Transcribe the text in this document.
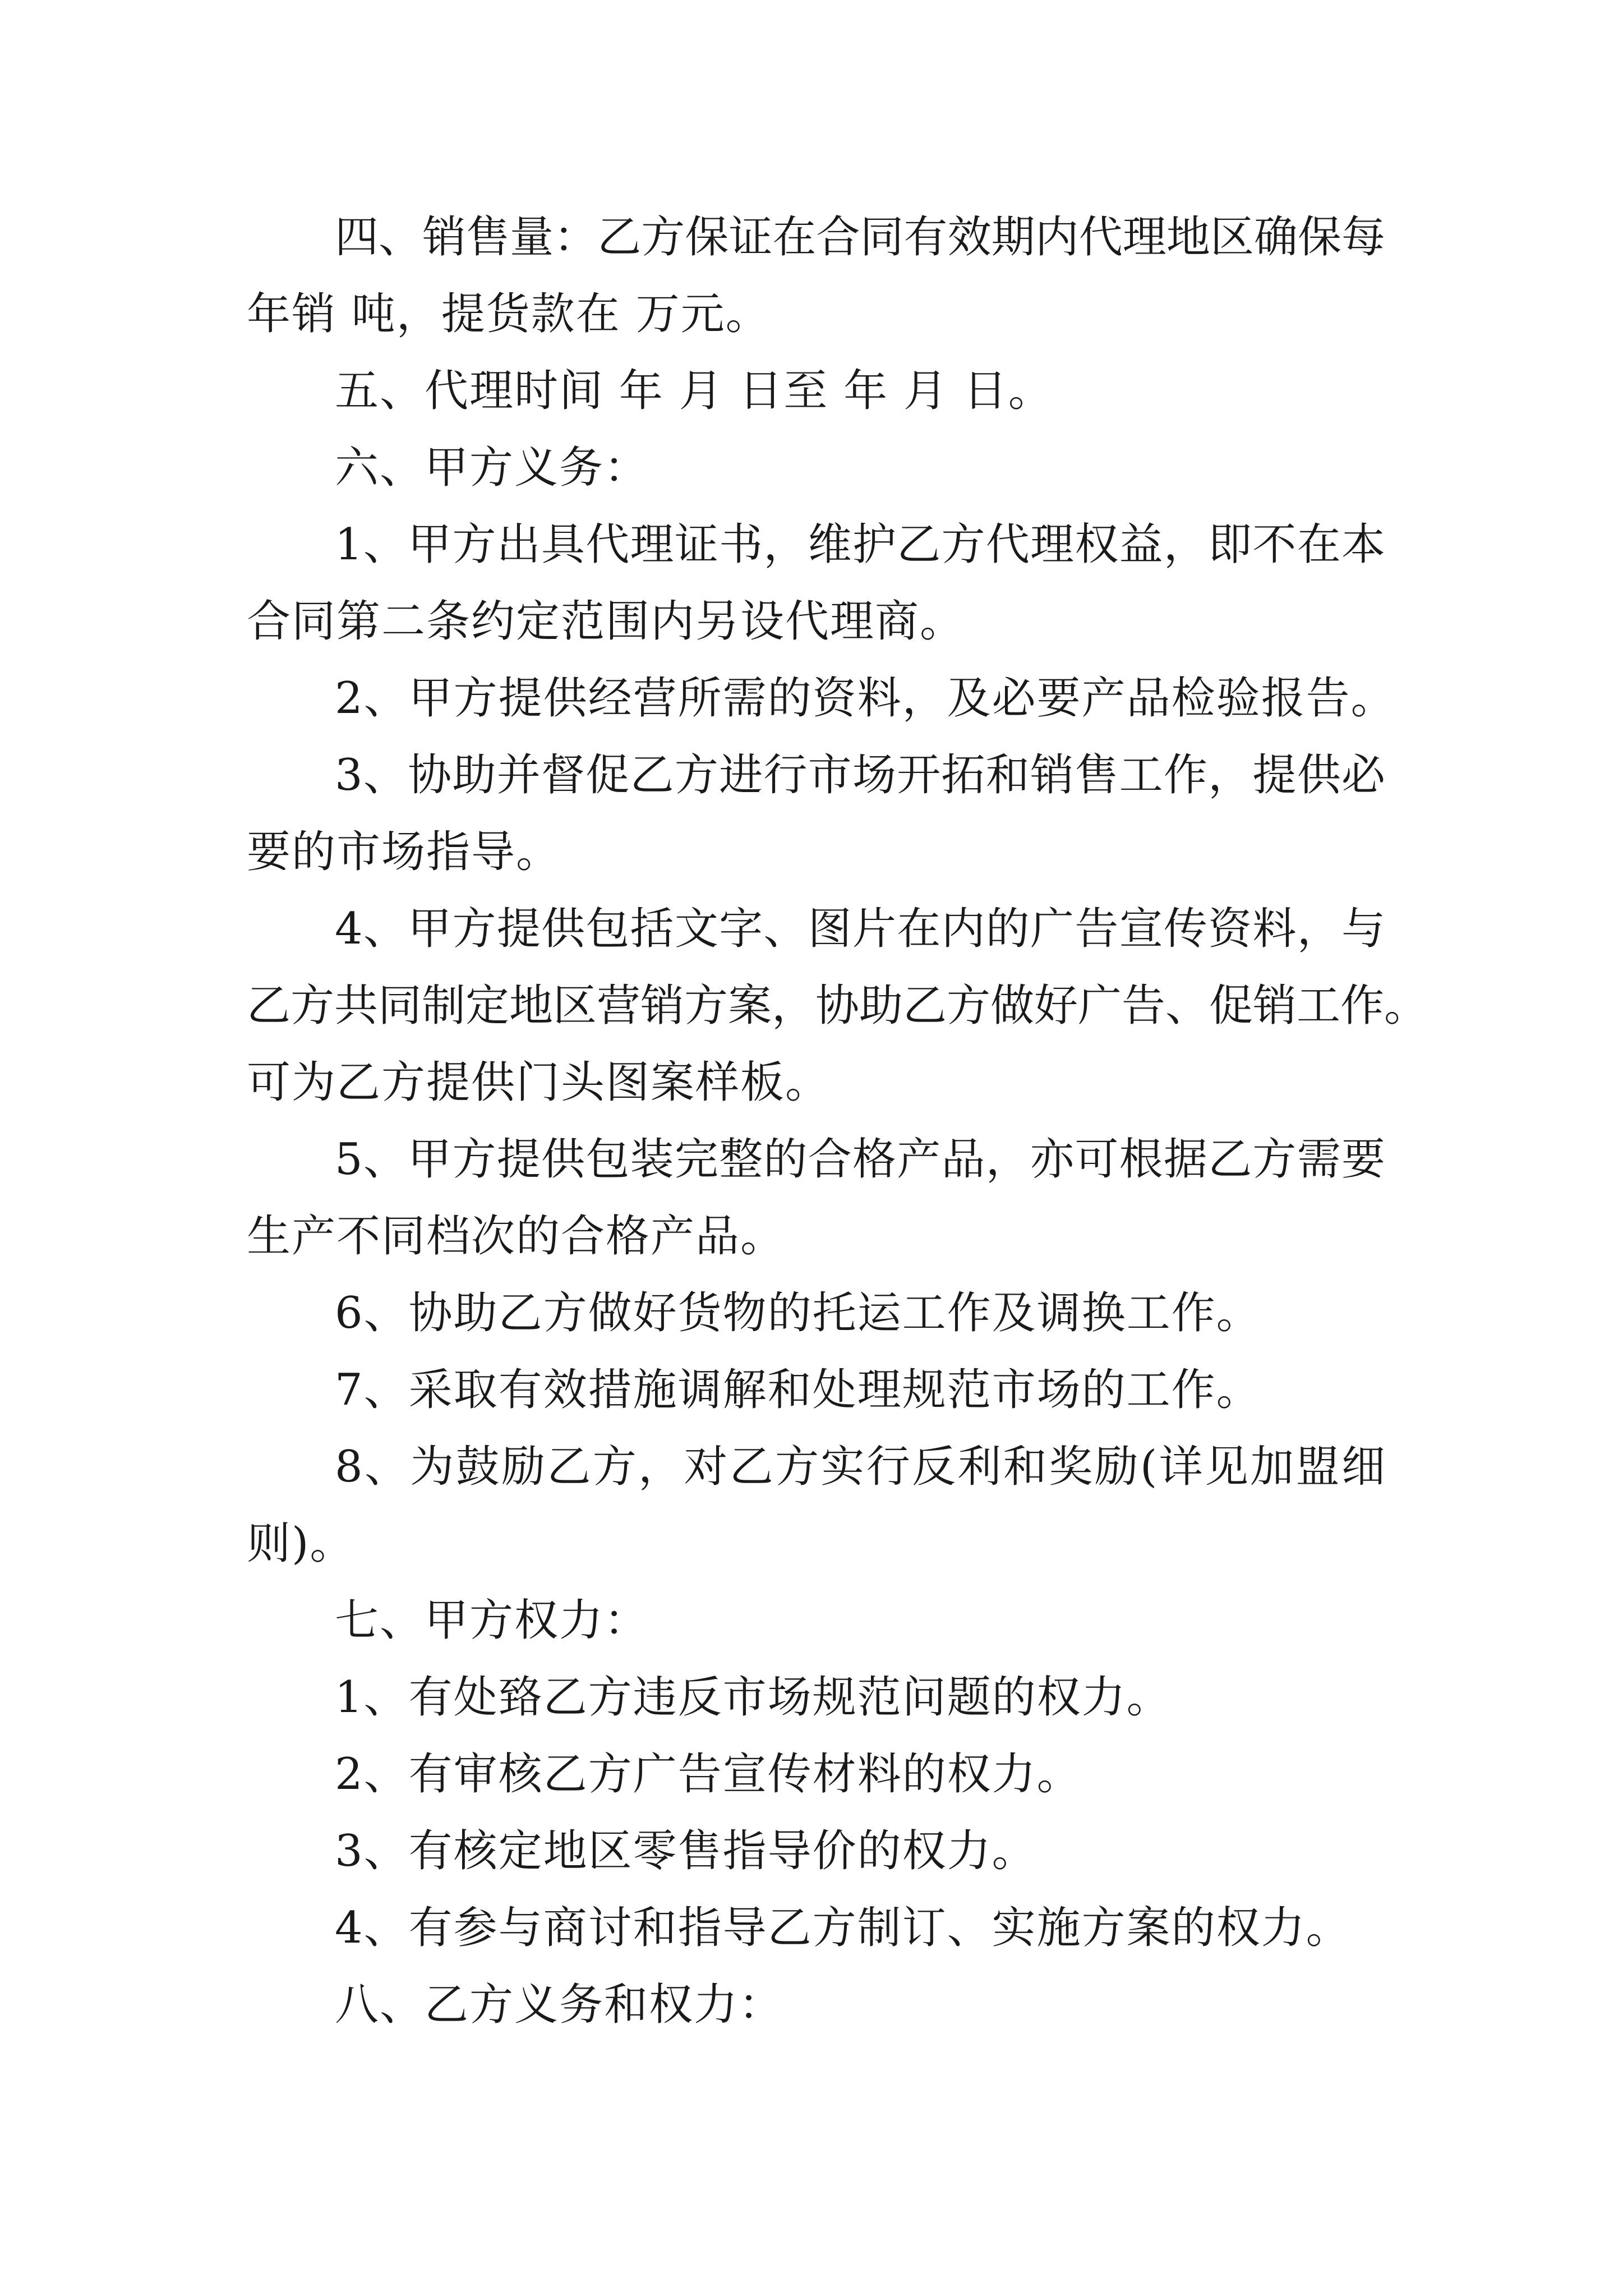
四、销售量：乙方保证在合同有效期内代理地区确保每
年销 吨，提货款在 万元。
五、代理时间 年 月 日至 年 月 日。
六、甲方义务：
1、甲方出具代理证书，维护乙方代理权益，即不在本
合同第二条约定范围内另设代理商。
2、甲方提供经营所需的资料，及必要产品检验报告。
3、协助并督促乙方进行市场开拓和销售工作，提供必
要的市场指导。
4、甲方提供包括文字、图片在内的广告宣传资料，与
乙方共同制定地区营销方案，协助乙方做好广告、促销工作。
可为乙方提供门头图案样板。
5、甲方提供包装完整的合格产品，亦可根据乙方需要
生产不同档次的合格产品。
6、协助乙方做好货物的托运工作及调换工作。
7、采取有效措施调解和处理规范市场的工作。
8、为鼓励乙方，对乙方实行反利和奖励(详见加盟细
则)。
七、甲方权力：
1、有处臵乙方违反市场规范问题的权力。
2、有审核乙方广告宣传材料的权力。
3、有核定地区零售指导价的权力。
4、有参与商讨和指导乙方制订、实施方案的权力。
八、乙方义务和权力：
